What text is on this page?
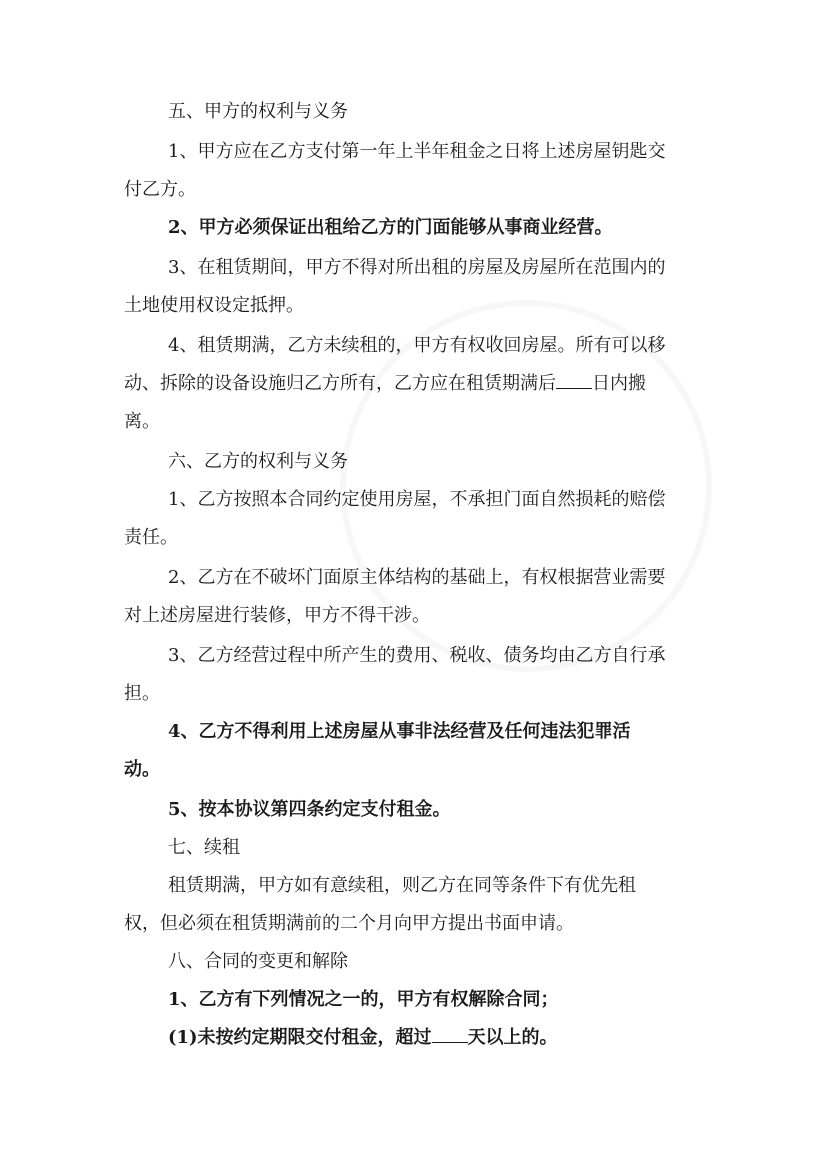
五、甲方的权利与义务
1、甲方应在乙方支付第一年上半年租金之日将上述房屋钥匙交
付乙方。
2、甲方必须保证出租给乙方的门面能够从事商业经营。
3、在租赁期间，甲方不得对所出租的房屋及房屋所在范围内的
土地使用权设定抵押。
4、租赁期满，乙方未续租的，甲方有权收回房屋。所有可以移
动、拆除的设备设施归乙方所有，乙方应在租赁期满后 日内搬
离。
六、乙方的权利与义务
1、乙方按照本合同约定使用房屋，不承担门面自然损耗的赔偿
责任。
2、乙方在不破坏门面原主体结构的基础上，有权根据营业需要
对上述房屋进行装修，甲方不得干涉。
3、乙方经营过程中所产生的费用、税收、债务均由乙方自行承
担。
4、乙方不得利用上述房屋从事非法经营及任何违法犯罪活
动。
5、按本协议第四条约定支付租金。
七、续租
租赁期满，甲方如有意续租，则乙方在同等条件下有优先租
权，但必须在租赁期满前的二个月向甲方提出书面申请。
八、合同的变更和解除
1、乙方有下列情况之一的，甲方有权解除合同；
(1)未按约定期限交付租金，超过 天以上的。
